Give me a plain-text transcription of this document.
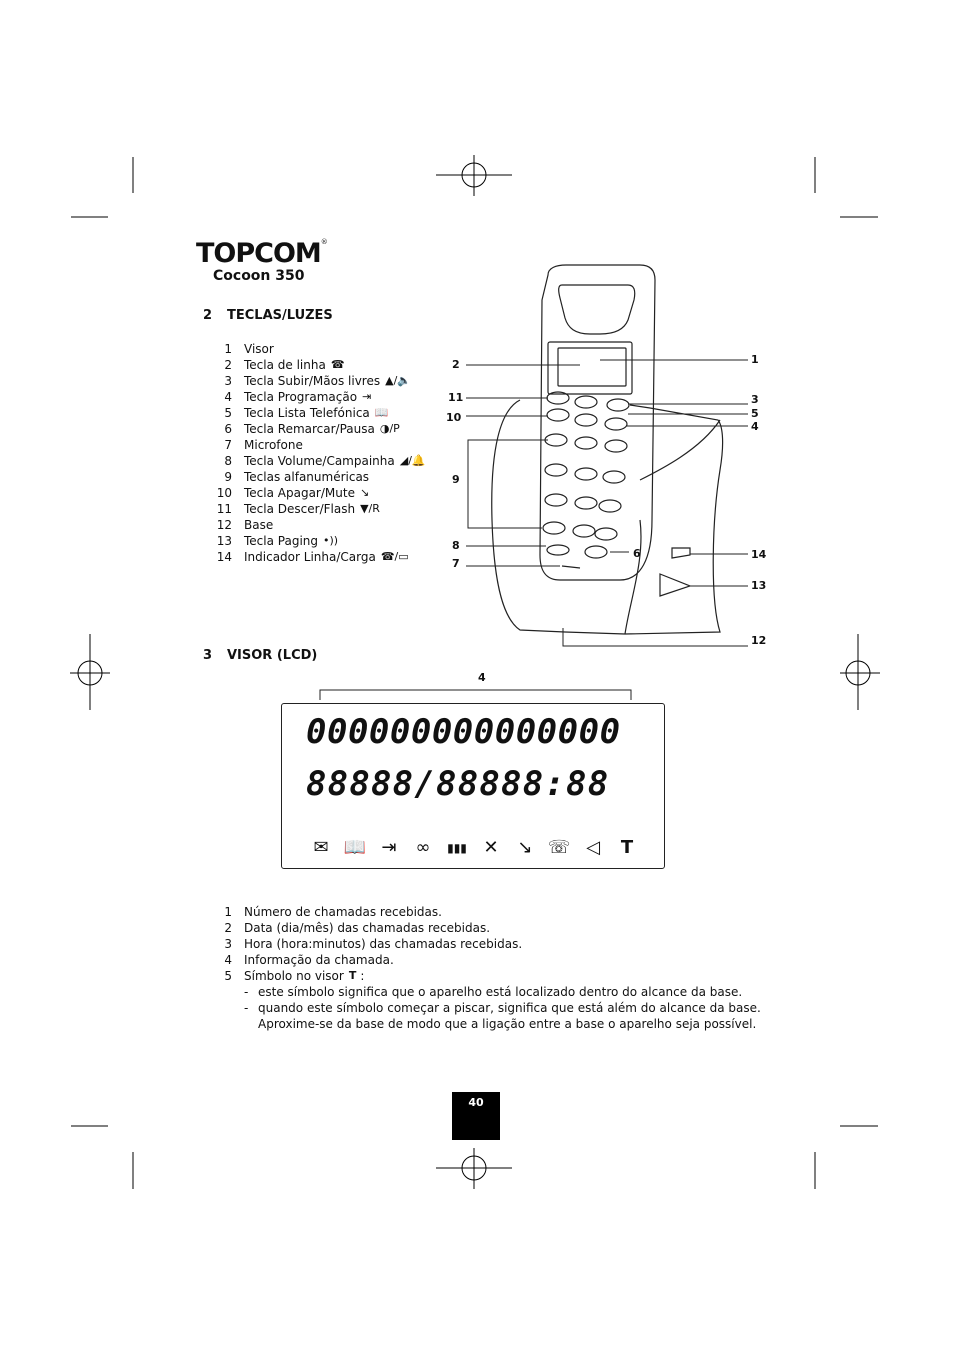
TOPCOM®
Cocoon 350
2 TECLAS/LUZES
1 Visor
2 Tecla de linha ☎
3 Tecla Subir/Mãos livres ▲/🔈
4 Tecla Programação ⇥
5 Tecla Lista Telefónica 📖
6 Tecla Remarcar/Pausa ◑/P
7 Microfone
8 Tecla Volume/Campainha ◢/🔔
9 Teclas alfanuméricas
10 Tecla Apagar/Mute ↘
11 Tecla Descer/Flash ▼/R
12 Base
13 Tecla Paging •))
14 Indicador Linha/Carga ☎/▭
1
2
3
4
5
6
7
8
9
10
11
12
13
14
3 VISOR (LCD)
4
000000000000000
88888/88888:88
✉ 📖 ⇥	∞	▮▮▮ ✕	↘ ☏ ◁	T
1 Número de chamadas recebidas.
2 Data (dia/mês) das chamadas recebidas.
3 Hora (hora:minutos) das chamadas recebidas.
4 Informação da chamada.
5 Símbolo no visor T :
- este símbolo significa que o aparelho está localizado dentro do alcance da base.
- quando este símbolo começar a piscar, significa que está além do alcance da base.
Aproxime-se da base de modo que a ligação entre a base o aparelho seja possível.
40
